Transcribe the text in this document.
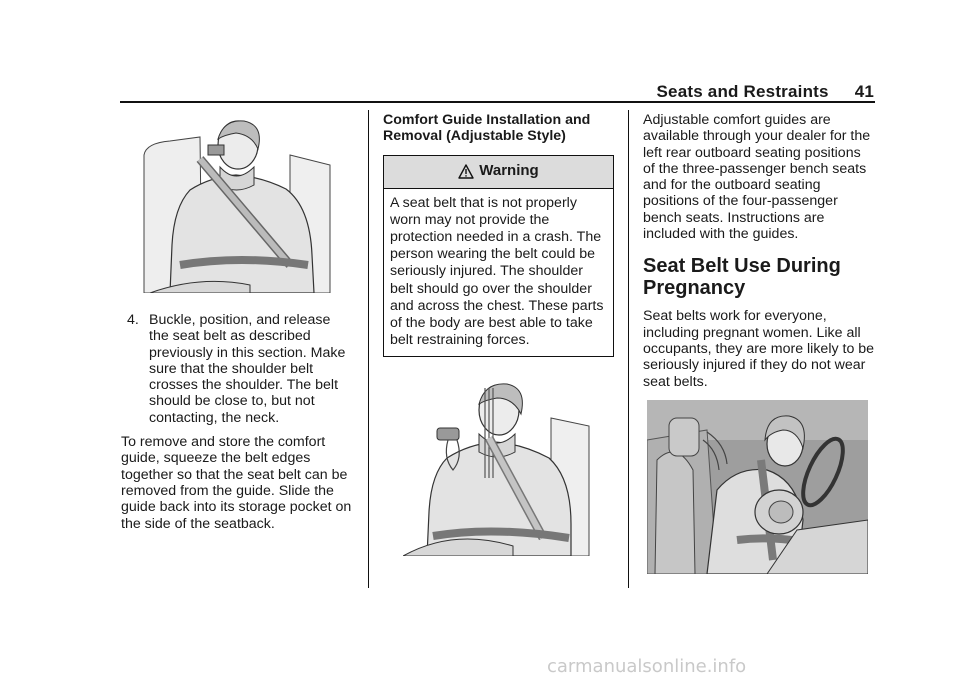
Seats and Restraints 41
4. Buckle, position, and release the seat belt as described previously in this section. Make sure that the shoulder belt crosses the shoulder. The belt should be close to, but not contacting, the neck.

To remove and store the comfort guide, squeeze the belt edges together so that the seat belt can be removed from the guide. Slide the guide back into its storage pocket on the side of the seatback.

Comfort Guide Installation and Removal (Adjustable Style)
Warning
A seat belt that is not properly worn may not provide the protection needed in a crash. The person wearing the belt could be seriously injured. The shoulder belt should go over the shoulder and across the chest. These parts of the body are best able to take belt restraining forces.

Adjustable comfort guides are available through your dealer for the left rear outboard seating positions of the three-passenger bench seats and for the outboard seating positions of the four-passenger bench seats. Instructions are included with the guides.

Seat Belt Use During Pregnancy

Seat belts work for everyone, including pregnant women. Like all occupants, they are more likely to be seriously injured if they do not wear seat belts.

carmanualsonline.info
